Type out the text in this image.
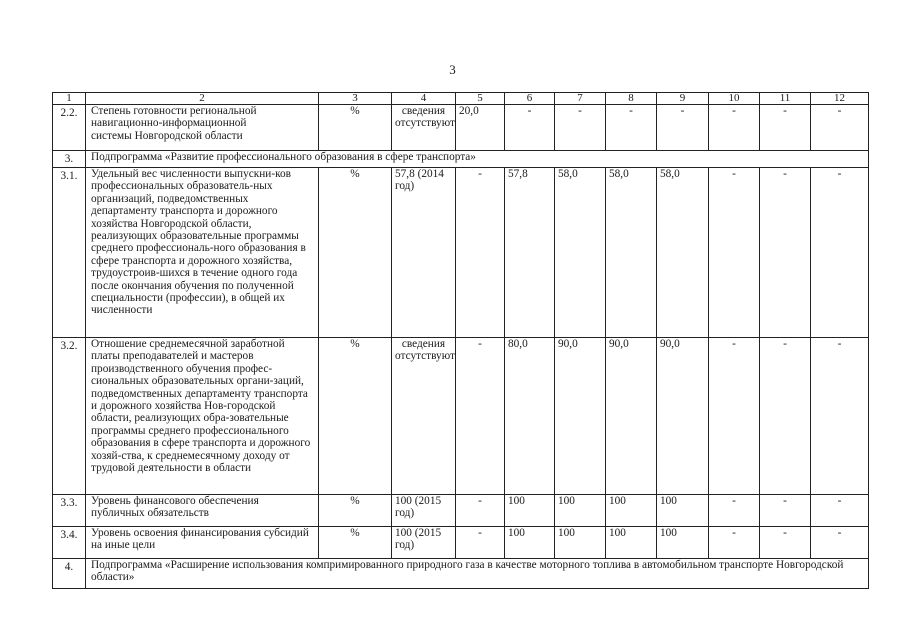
3
1	2	3	4	5	6	7	8	9	10	11	12
2.2.	Степень готовности региональной навигационно-информационной системы Новгородской области	%	сведения отсутствуют	20,0	-	-	-	-	-	-	-
3.	Подпрограмма «Развитие профессионального образования в сфере транспорта»										
3.1.	Удельный вес численности выпускни-ков профессиональных образователь-ных организаций, подведомственных департаменту транспорта и дорожного хозяйства Новгородской области, реализующих образовательные программы среднего профессиональ-ного образования в сфере транспорта и дорожного хозяйства, трудоустроив-шихся в течение одного года после окончания обучения по полученной специальности (профессии), в общей их численности	%	57,8 (2014 год)	-	57,8	58,0	58,0	58,0	-	-	-
3.2.	Отношение среднемесячной заработной платы преподавателей и мастеров производственного обучения профес-сиональных образовательных органи-заций, подведомственных департаменту транспорта и дорожного хозяйства Нов-городской области, реализующих обра-зовательные программы среднего профессионального образования в сфере транспорта и дорожного хозяй-ства, к среднемесячному доходу от трудовой деятельности в области	%	сведения отсутствуют	-	80,0	90,0	90,0	90,0	-	-	-
3.3.	Уровень финансового обеспечения публичных обязательств	%	100 (2015 год)	-	100	100	100	100	-	-	-
3.4.	Уровень освоения финансирования субсидий на иные цели	%	100 (2015 год)	-	100	100	100	100	-	-	-
4.	Подпрограмма «Расширение использования компримированного природного газа в качестве моторного топлива в автомобильном транспорте Новгородской области»										
